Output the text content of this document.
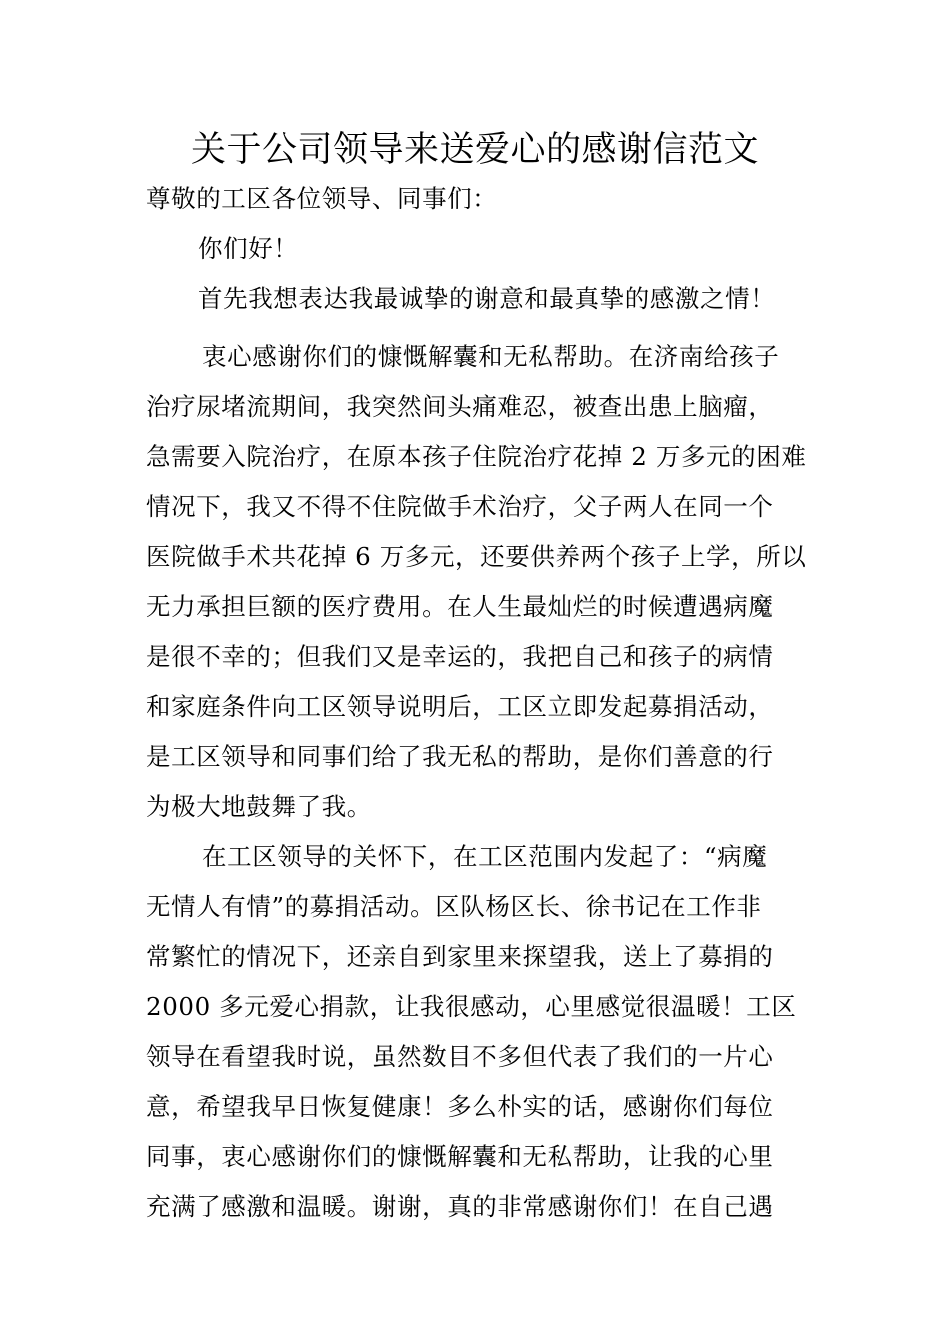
关于公司领导来送爱心的感谢信范文
尊敬的工区各位领导、同事们：
你们好！
首先我想表达我最诚挚的谢意和最真挚的感激之情！
衷心感谢你们的慷慨解囊和无私帮助。在济南给孩子
治疗尿堵流期间，我突然间头痛难忍，被查出患上脑瘤，
急需要入院治疗，在原本孩子住院治疗花掉 2 万多元的困难
情况下，我又不得不住院做手术治疗，父子两人在同一个
医院做手术共花掉 6 万多元，还要供养两个孩子上学，所以
无力承担巨额的医疗费用。在人生最灿烂的时候遭遇病魔
是很不幸的；但我们又是幸运的，我把自己和孩子的病情
和家庭条件向工区领导说明后，工区立即发起募捐活动，
是工区领导和同事们给了我无私的帮助，是你们善意的行
为极大地鼓舞了我。
在工区领导的关怀下，在工区范围内发起了：“病魔
无情人有情”的募捐活动。区队杨区长、徐书记在工作非
常繁忙的情况下，还亲自到家里来探望我，送上了募捐的
2000 多元爱心捐款，让我很感动，心里感觉很温暖！工区
领导在看望我时说，虽然数目不多但代表了我们的一片心
意，希望我早日恢复健康！多么朴实的话，感谢你们每位
同事，衷心感谢你们的慷慨解囊和无私帮助，让我的心里
充满了感激和温暖。谢谢，真的非常感谢你们！在自己遇
